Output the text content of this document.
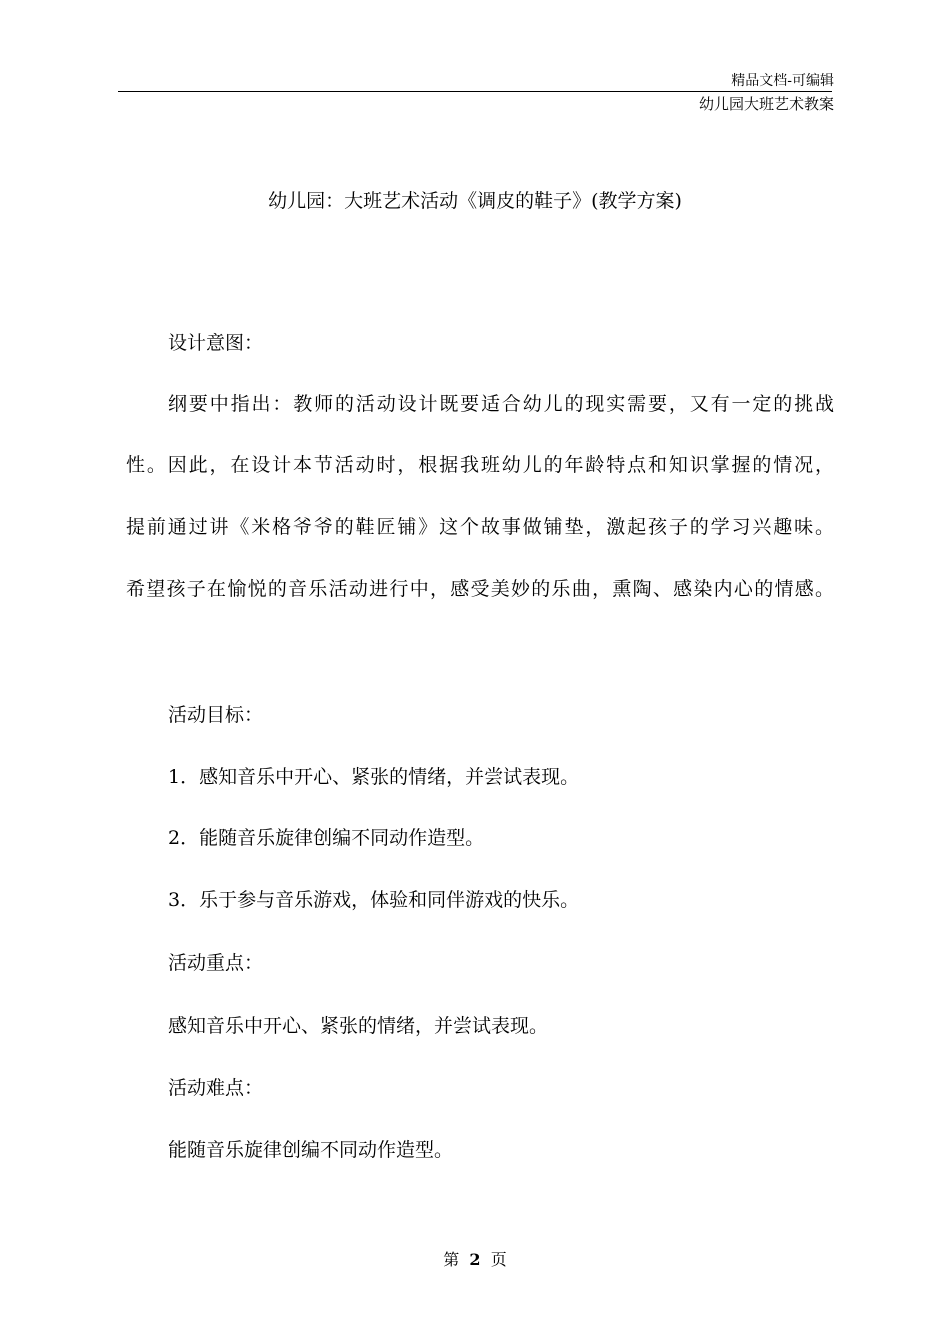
精品文档-可编辑
幼儿园大班艺术教案
幼儿园：大班艺术活动《调皮的鞋子》(教学方案)
设计意图：
纲要中指出：教师的活动设计既要适合幼儿的现实需要，又有一定的挑战
性。因此，在设计本节活动时，根据我班幼儿的年龄特点和知识掌握的情况，
提前通过讲《米格爷爷的鞋匠铺》这个故事做铺垫，激起孩子的学习兴趣味。
希望孩子在愉悦的音乐活动进行中，感受美妙的乐曲，熏陶、感染内心的情感。
活动目标：
1．感知音乐中开心、紧张的情绪，并尝试表现。
2．能随音乐旋律创编不同动作造型。
3．乐于参与音乐游戏，体验和同伴游戏的快乐。
活动重点：
感知音乐中开心、紧张的情绪，并尝试表现。
活动难点：
能随音乐旋律创编不同动作造型。
第 2 页
